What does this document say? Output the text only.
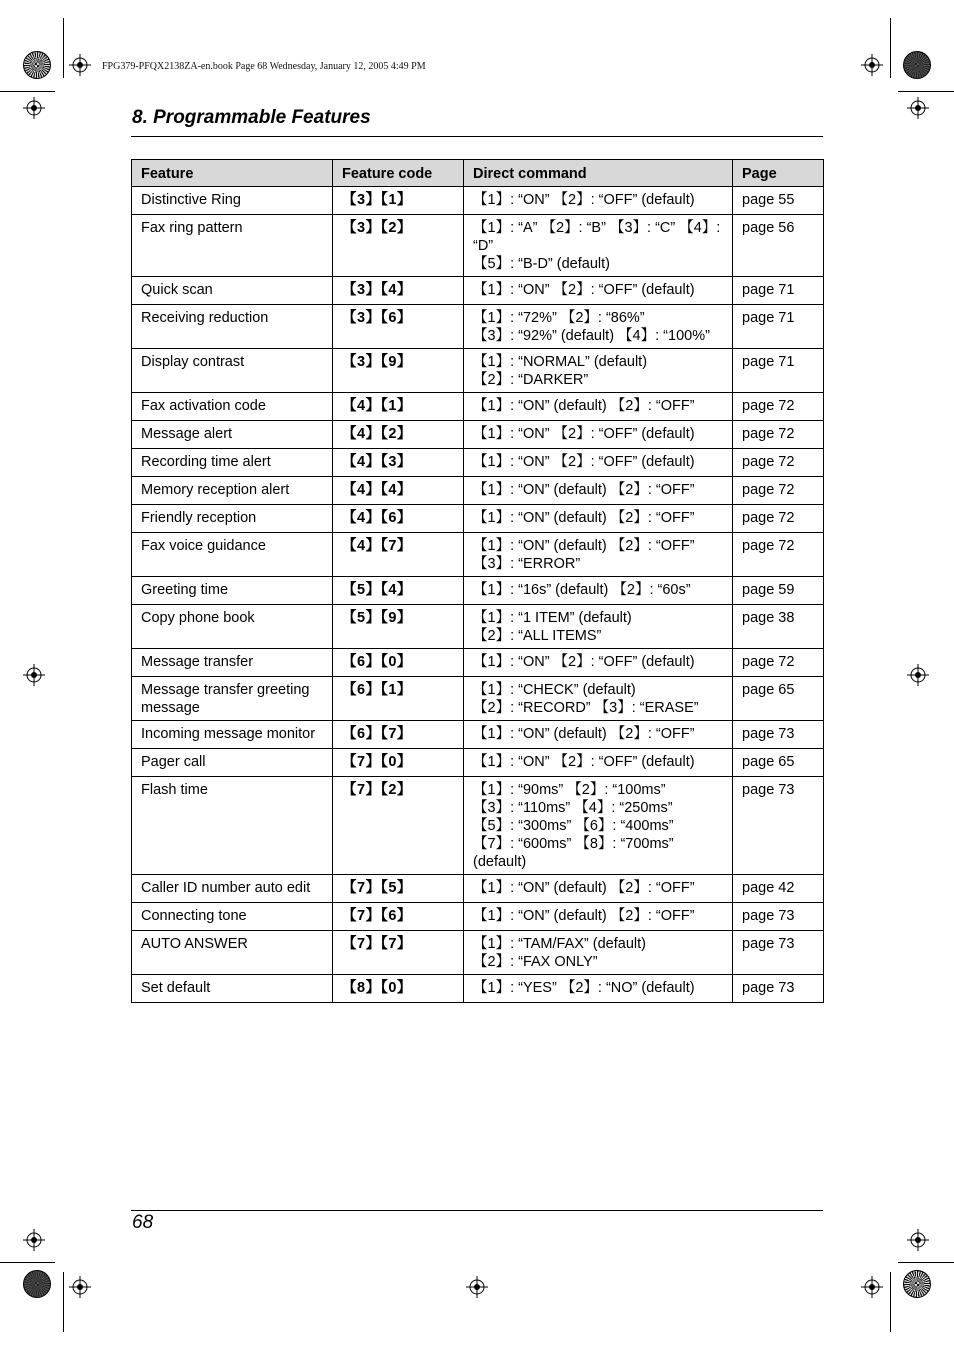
FPG379-PFQX2138ZA-en.book Page 68 Wednesday, January 12, 2005 4:49 PM
8. Programmable Features
Feature	Feature code	Direct command	Page
Distinctive Ring	【3】【1】	【1】: “ON” 【2】: “OFF” (default)	page 55
Fax ring pattern	【3】【2】	【1】: “A” 【2】: “B” 【3】: “C” 【4】: “D”
【5】: “B-D” (default)	page 56
Quick scan	【3】【4】	【1】: “ON” 【2】: “OFF” (default)	page 71
Receiving reduction	【3】【6】	【1】: “72%” 【2】: “86%”
【3】: “92%” (default) 【4】: “100%”	page 71
Display contrast	【3】【9】	【1】: “NORMAL” (default)
【2】: “DARKER”	page 71
Fax activation code	【4】【1】	【1】: “ON” (default) 【2】: “OFF”	page 72
Message alert	【4】【2】	【1】: “ON” 【2】: “OFF” (default)	page 72
Recording time alert	【4】【3】	【1】: “ON” 【2】: “OFF” (default)	page 72
Memory reception alert	【4】【4】	【1】: “ON” (default) 【2】: “OFF”	page 72
Friendly reception	【4】【6】	【1】: “ON” (default) 【2】: “OFF”	page 72
Fax voice guidance	【4】【7】	【1】: “ON” (default) 【2】: “OFF”
【3】: “ERROR”	page 72
Greeting time	【5】【4】	【1】: “16s” (default) 【2】: “60s”	page 59
Copy phone book	【5】【9】	【1】: “1 ITEM” (default)
【2】: “ALL ITEMS”	page 38
Message transfer	【6】【0】	【1】: “ON” 【2】: “OFF” (default)	page 72
Message transfer greeting message	【6】【1】	【1】: “CHECK” (default)
【2】: “RECORD” 【3】: “ERASE”	page 65
Incoming message monitor	【6】【7】	【1】: “ON” (default) 【2】: “OFF”	page 73
Pager call	【7】【0】	【1】: “ON” 【2】: “OFF” (default)	page 65
Flash time	【7】【2】	【1】: “90ms” 【2】: “100ms”
【3】: “110ms” 【4】: “250ms”
【5】: “300ms” 【6】: “400ms”
【7】: “600ms” 【8】: “700ms” (default)	page 73
Caller ID number auto edit	【7】【5】	【1】: “ON” (default) 【2】: “OFF”	page 42
Connecting tone	【7】【6】	【1】: “ON” (default) 【2】: “OFF”	page 73
AUTO ANSWER	【7】【7】	【1】: “TAM/FAX” (default)
【2】: “FAX ONLY”	page 73
Set default	【8】【0】	【1】: “YES” 【2】: “NO” (default)	page 73
68
